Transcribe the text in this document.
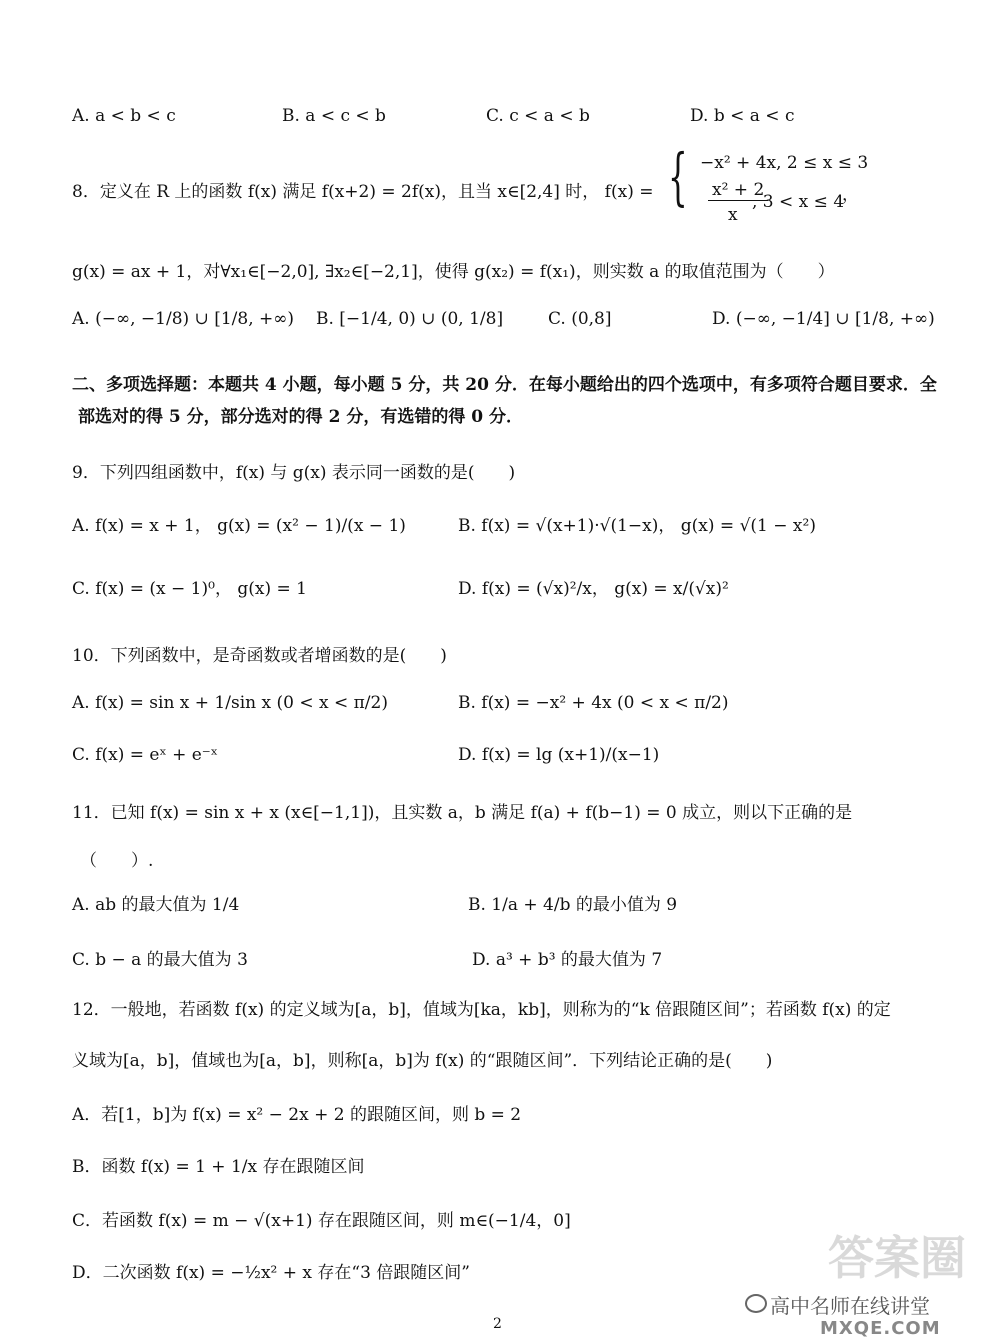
A. a < b < c	B. a < c < b	C. c < a < b	D. b < a < c
8．定义在 R 上的函数 f(x) 满足 f(x+2) = 2f(x)，且当 x∈[2,4] 时， f(x) = { −x² + 4x, 2 ≤ x ≤ 3
x² + 2
, 3 < x ≤ 4
x
，
g(x) = ax + 1，对∀x₁∈[−2,0], ∃x₂∈[−2,1]，使得 g(x₂) = f(x₁)，则实数 a 的取值范围为（　　）
A. (−∞, −1/8) ∪ [1/8, +∞) B. [−1/4, 0) ∪ (0, 1/8]	C. (0,8]	D. (−∞, −1/4] ∪ [1/8, +∞)
二、多项选择题：本题共 4 小题，每小题 5 分，共 20 分．在每小题给出的四个选项中，有多项符合题目要求．全
部选对的得 5 分，部分选对的得 2 分，有选错的得 0 分．
9．下列四组函数中，f(x) 与 g(x) 表示同一函数的是(　　)
A. f(x) = x + 1， g(x) = (x² − 1)/(x − 1)	B. f(x) = √(x+1)·√(1−x)， g(x) = √(1 − x²)
C. f(x) = (x − 1)⁰， g(x) = 1	D. f(x) = (√x)²/x， g(x) = x/(√x)²
10．下列函数中，是奇函数或者增函数的是(　　)
A. f(x) = sin x + 1/sin x (0 < x < π/2)	B. f(x) = −x² + 4x (0 < x < π/2)
C. f(x) = eˣ + e⁻ˣ	D. f(x) = lg (x+1)/(x−1)
11．已知 f(x) = sin x + x (x∈[−1,1])，且实数 a，b 满足 f(a) + f(b−1) = 0 成立，则以下正确的是
（　　）.
A. ab 的最大值为 1/4	B. 1/a + 4/b 的最小值为 9
C. b − a 的最大值为 3	D. a³ + b³ 的最大值为 7
12．一般地，若函数 f(x) 的定义域为[a，b]，值域为[ka，kb]，则称为的“k 倍跟随区间”；若函数 f(x) 的定
义域为[a，b]，值域也为[a，b]，则称[a，b]为 f(x) 的“跟随区间”．下列结论正确的是(　　)
A．若[1，b]为 f(x) = x² − 2x + 2 的跟随区间，则 b = 2
B．函数 f(x) = 1 + 1/x 存在跟随区间
C．若函数 f(x) = m − √(x+1) 存在跟随区间，则 m∈(−1/4，0]
D．二次函数 f(x) = −½x² + x 存在“3 倍跟随区间”
2
答案圈
高中名师在线讲堂
MXQE.COM
